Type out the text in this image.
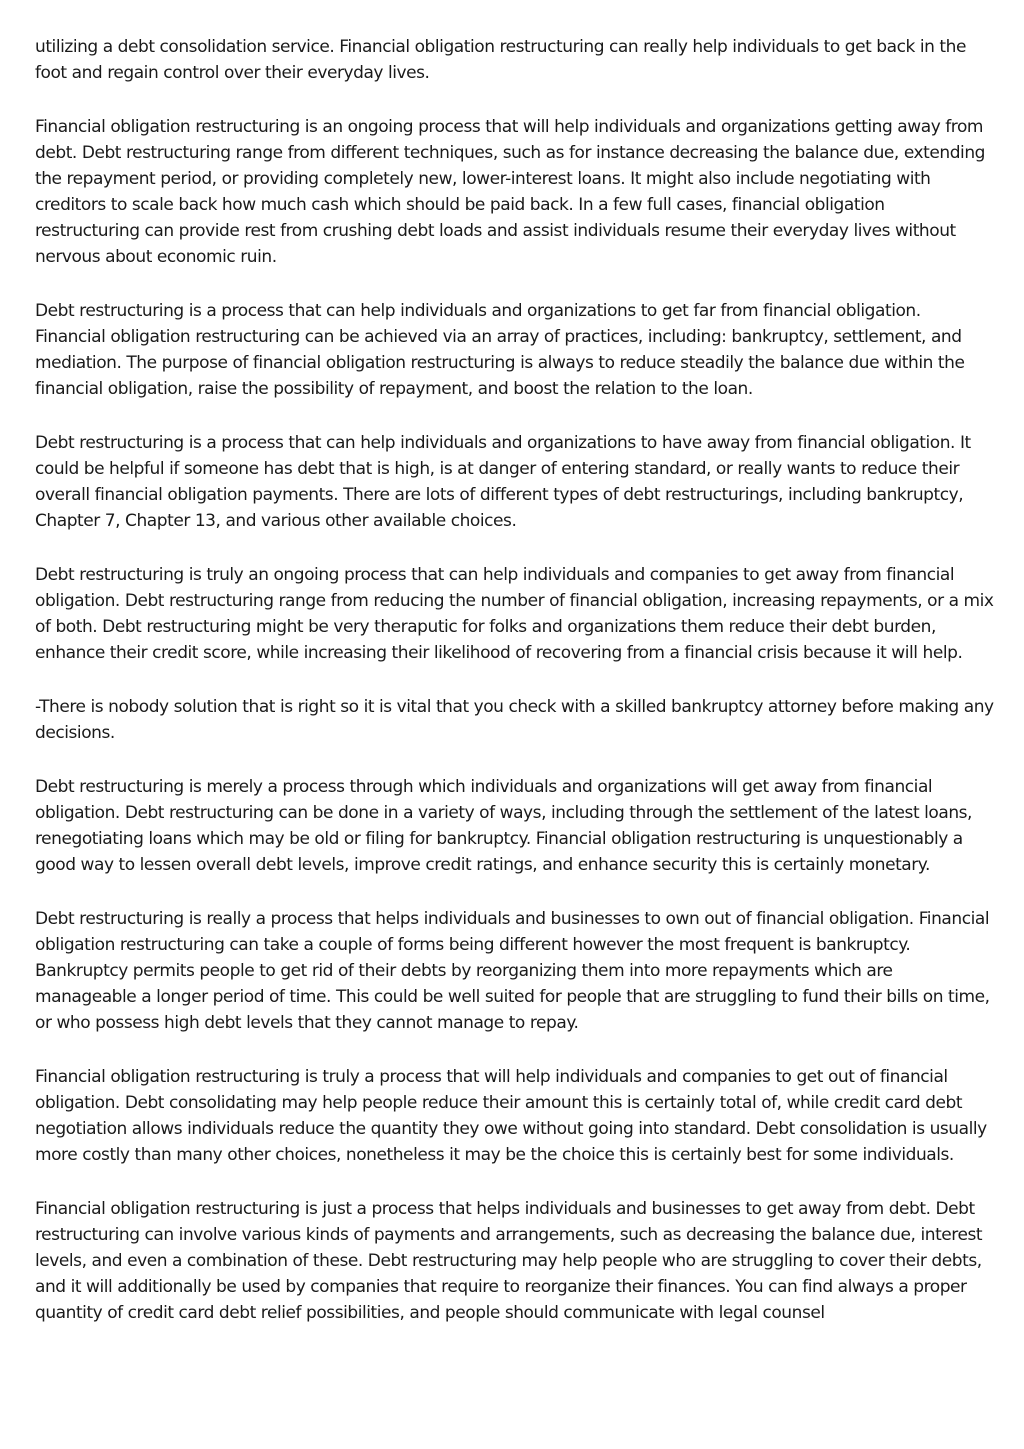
utilizing a debt consolidation service. Financial obligation restructuring can really help individuals to get back in the foot and regain control over their everyday lives.

Financial obligation restructuring is an ongoing process that will help individuals and organizations getting away from debt. Debt restructuring range from different techniques, such as for instance decreasing the balance due, extending the repayment period, or providing completely new, lower-interest loans. It might also include negotiating with creditors to scale back how much cash which should be paid back. In a few full cases, financial obligation restructuring can provide rest from crushing debt loads and assist individuals resume their everyday lives without nervous about economic ruin.

Debt restructuring is a process that can help individuals and organizations to get far from financial obligation. Financial obligation restructuring can be achieved via an array of practices, including: bankruptcy, settlement, and mediation. The purpose of financial obligation restructuring is always to reduce steadily the balance due within the financial obligation, raise the possibility of repayment, and boost the relation to the loan.

Debt restructuring is a process that can help individuals and organizations to have away from financial obligation. It could be helpful if someone has debt that is high, is at danger of entering standard, or really wants to reduce their overall financial obligation payments. There are lots of different types of debt restructurings, including bankruptcy, Chapter 7, Chapter 13, and various other available choices.

Debt restructuring is truly an ongoing process that can help individuals and companies to get away from financial obligation. Debt restructuring range from reducing the number of financial obligation, increasing repayments, or a mix of both. Debt restructuring might be very theraputic for folks and organizations them reduce their debt burden, enhance their credit score, while increasing their likelihood of recovering from a financial crisis because it will help.

-There is nobody solution that is right so it is vital that you check with a skilled bankruptcy attorney before making any decisions.

Debt restructuring is merely a process through which individuals and organizations will get away from financial obligation. Debt restructuring can be done in a variety of ways, including through the settlement of the latest loans, renegotiating loans which may be old or filing for bankruptcy. Financial obligation restructuring is unquestionably a good way to lessen overall debt levels, improve credit ratings, and enhance security this is certainly monetary.

Debt restructuring is really a process that helps individuals and businesses to own out of financial obligation. Financial obligation restructuring can take a couple of forms being different however the most frequent is bankruptcy. Bankruptcy permits people to get rid of their debts by reorganizing them into more repayments which are manageable a longer period of time. This could be well suited for people that are struggling to fund their bills on time, or who possess high debt levels that they cannot manage to repay.

Financial obligation restructuring is truly a process that will help individuals and companies to get out of financial obligation. Debt consolidating may help people reduce their amount this is certainly total of, while credit card debt negotiation allows individuals reduce the quantity they owe without going into standard. Debt consolidation is usually more costly than many other choices, nonetheless it may be the choice this is certainly best for some individuals.

Financial obligation restructuring is just a process that helps individuals and businesses to get away from debt. Debt restructuring can involve various kinds of payments and arrangements, such as decreasing the balance due, interest levels, and even a combination of these. Debt restructuring may help people who are struggling to cover their debts, and it will additionally be used by companies that require to reorganize their finances. You can find always a proper quantity of credit card debt relief possibilities, and people should communicate with legal counsel
